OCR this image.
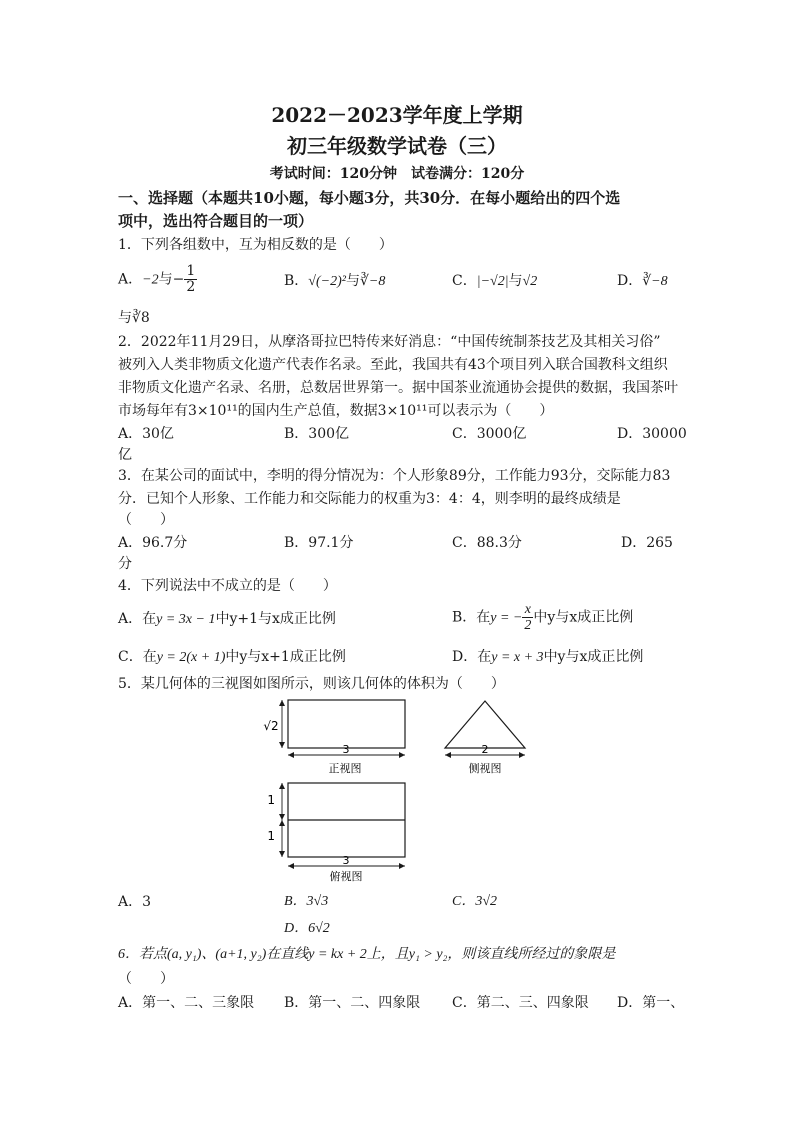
2022－2023学年度上学期
初三年级数学试卷（三）
考试时间：120分钟　试卷满分：120分
一、选择题（本题共10小题，每小题3分，共30分．在每小题给出的四个选
项中，选出符合题目的一项）
1．下列各组数中，互为相反数的是（　　）
A．−2与− $\frac{1}{2}$	B．√(−2)²与∛−8	C．|−√2|与√2	D．∛−8
与∛8
2．2022年11月29日，从摩洛哥拉巴特传来好消息：“中国传统制茶技艺及其相关习俗”
被列入人类非物质文化遗产代表作名录。至此，我国共有43个项目列入联合国教科文组织
非物质文化遗产名录、名册，总数居世界第一。据中国茶业流通协会提供的数据，我国茶叶
市场每年有3×10¹¹的国内生产总值，数据3×10¹¹可以表示为（　　）
A．30亿	B．300亿	C．3000亿	D．30000
亿
3．在某公司的面试中，李明的得分情况为：个人形象89分，工作能力93分，交际能力83
分．已知个人形象、工作能力和交际能力的权重为3：4：4，则李明的最终成绩是
（　　）
A．96.7分	B．97.1分	C．88.3分	D．265
分
4．下列说法中不成立的是（　　）
A．在y = 3x − 1中y+1与x成正比例	B．在y = − $\frac{x}{2}$ 中y与x成正比例
C．在y = 2(x + 1)中y与x+1成正比例	D．在y = x + 3中y与x成正比例
5．某几何体的三视图如图所示，则该几何体的体积为（　　）
√2
3
正视图
2
侧视图
1
1
3
俯视图
A．3	B．3√3	C．3√2
D．6√2
6．若点(a, y₁)、(a+1, y₂)在直线y = kx + 2上，且y₁ > y₂，则该直线所经过的象限是
（　　）
A．第一、二、三象限 B．第一、二、四象限 C．第二、三、四象限 D．第一、
